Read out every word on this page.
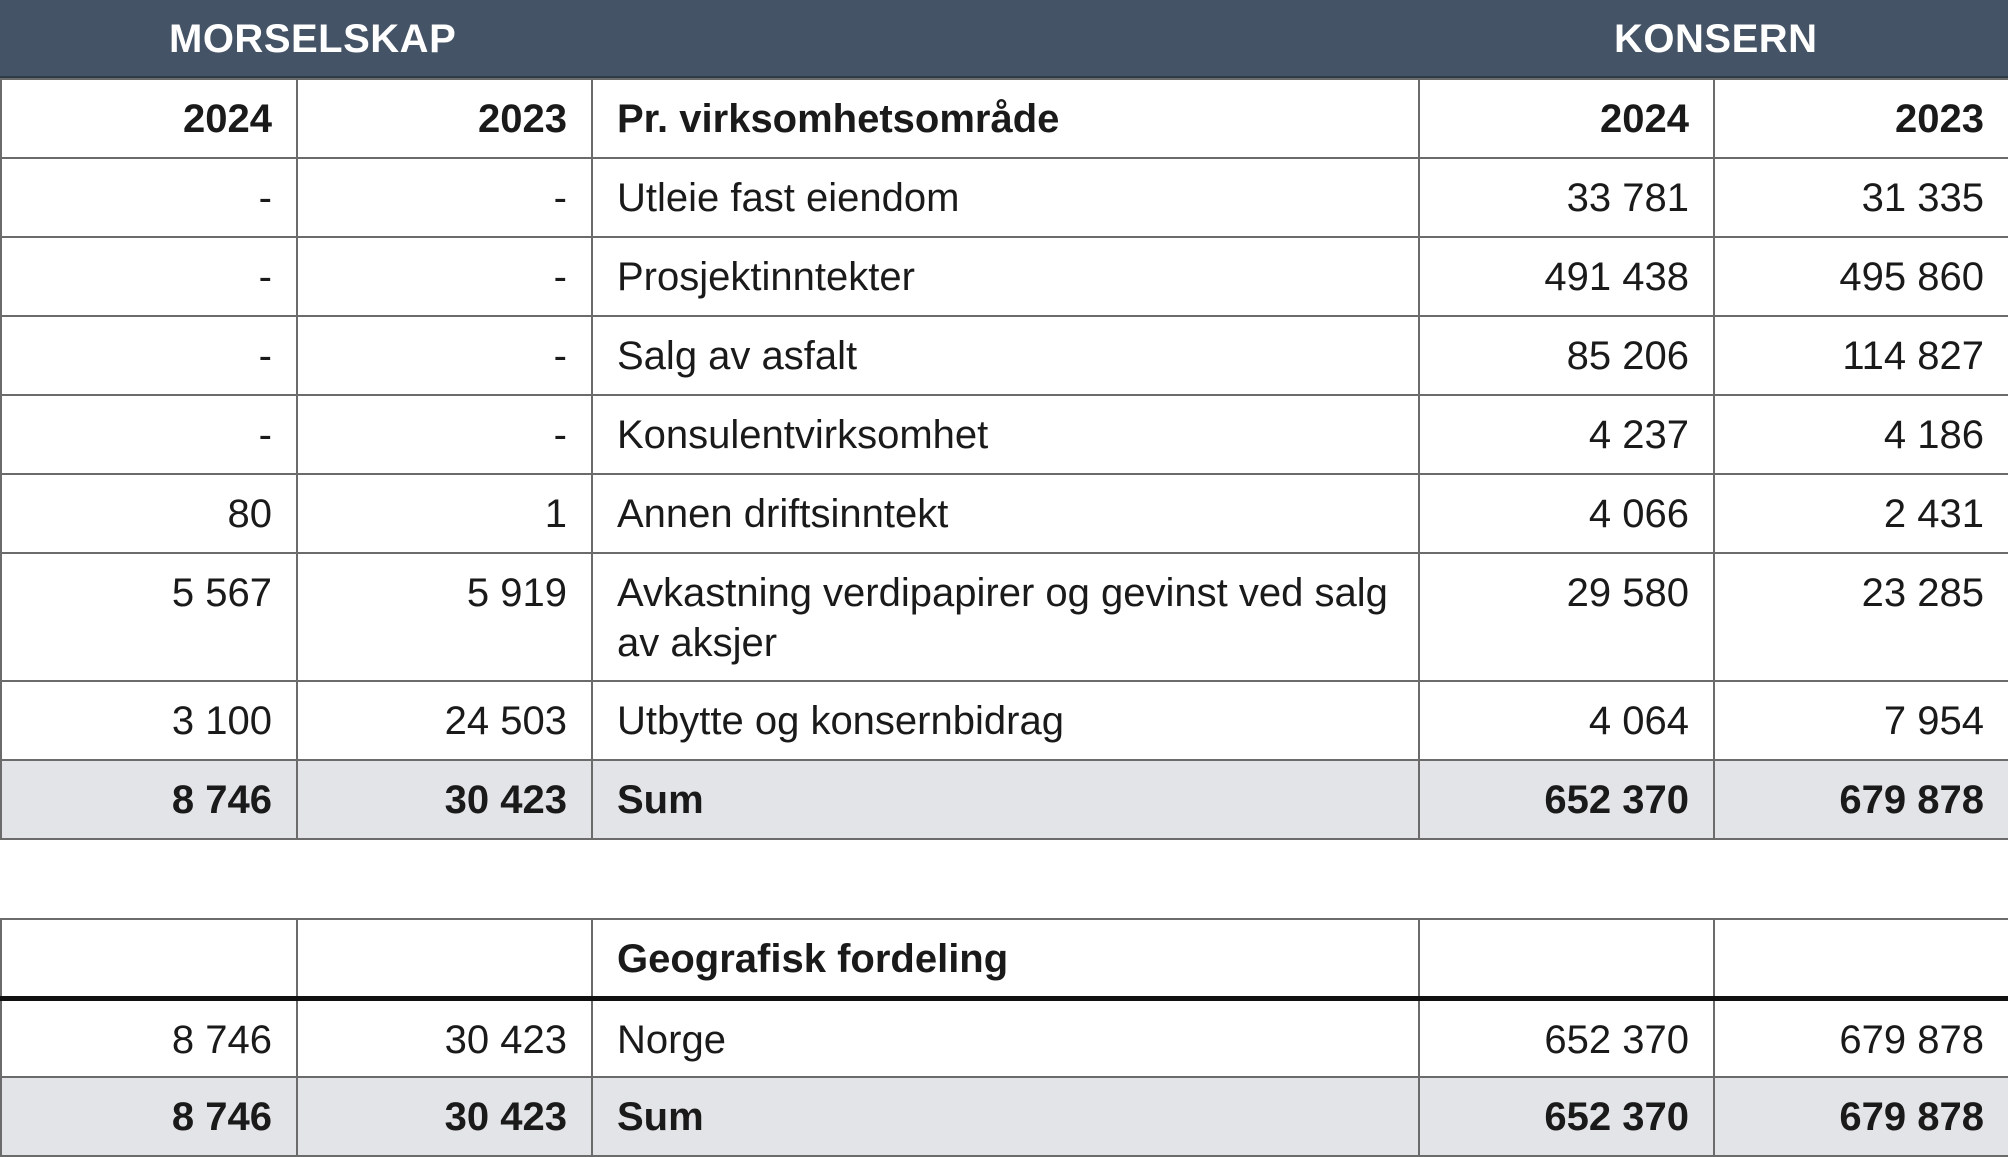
MORSELSKAP	KONSERN
2024	2023	Pr. virksomhetsområde	2024	2023
-	-	Utleie fast eiendom	33 781	31 335
-	-	Prosjektinntekter	491 438	495 860
-	-	Salg av asfalt	85 206	114 827
-	-	Konsulentvirksomhet	4 237	4 186
80	1	Annen driftsinntekt	4 066	2 431
5 567	5 919	Avkastning verdipapirer og gevinst ved salg av aksjer	29 580	23 285
3 100	24 503	Utbytte og konsernbidrag	4 064	7 954
8 746	30 423	Sum	652 370	679 878
		Geografisk fordeling		
8 746	30 423	Norge	652 370	679 878
8 746	30 423	Sum	652 370	679 878
